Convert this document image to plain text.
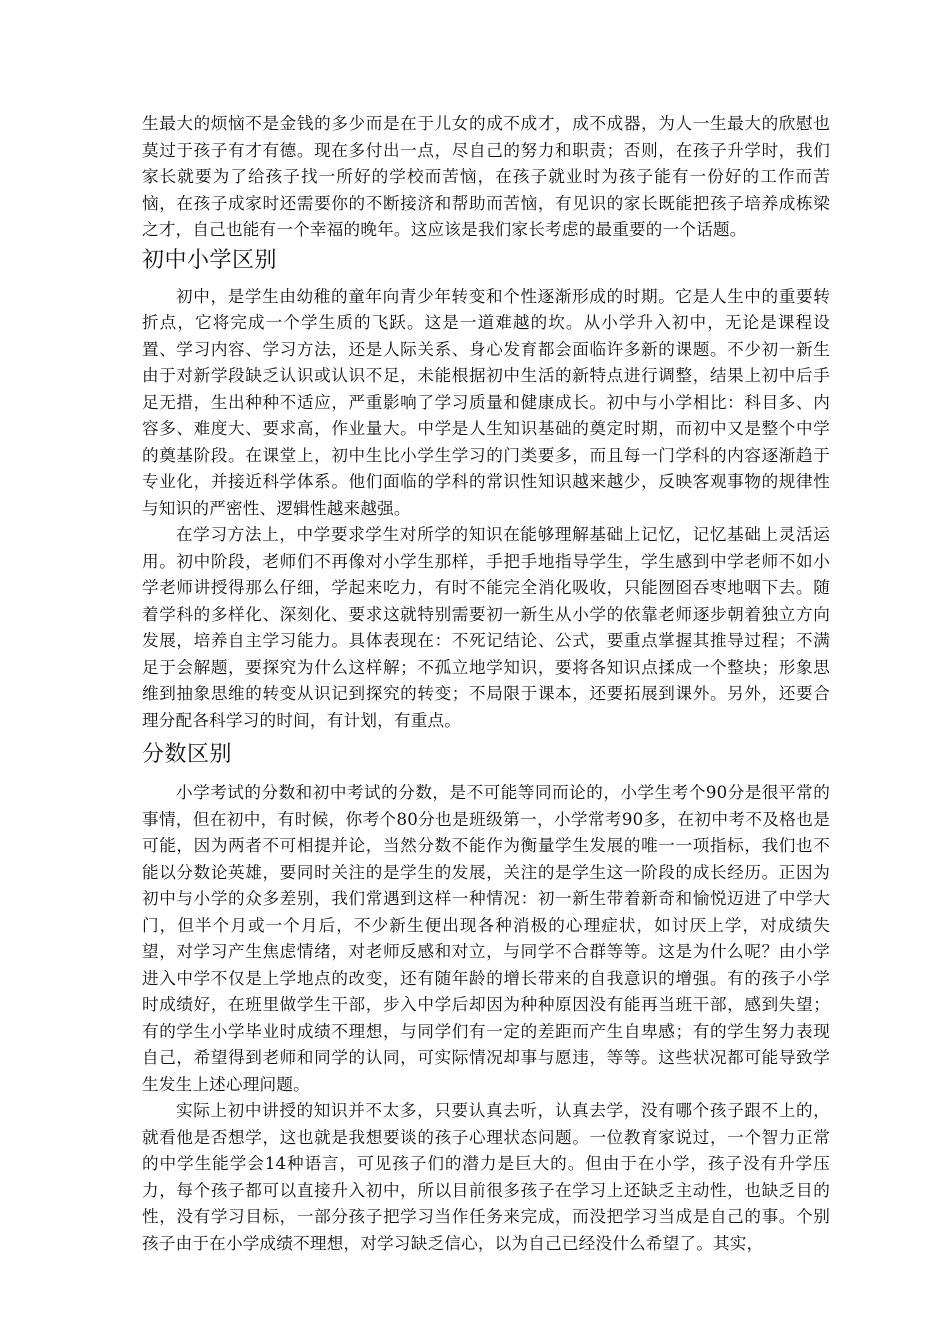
生最大的烦恼不是金钱的多少而是在于儿女的成不成才，成不成器，为人一生最大的欣慰也莫过于孩子有才有德。现在多付出一点，尽自己的努力和职责；否则，在孩子升学时，我们家长就要为了给孩子找一所好的学校而苦恼，在孩子就业时为孩子能有一份好的工作而苦恼，在孩子成家时还需要你的不断接济和帮助而苦恼，有见识的家长既能把孩子培养成栋梁之才，自己也能有一个幸福的晚年。这应该是我们家长考虑的最重要的一个话题。

初中小学区别

初中，是学生由幼稚的童年向青少年转变和个性逐渐形成的时期。它是人生中的重要转折点，它将完成一个学生质的飞跃。这是一道难越的坎。从小学升入初中，无论是课程设置、学习内容、学习方法，还是人际关系、身心发育都会面临许多新的课题。不少初一新生由于对新学段缺乏认识或认识不足，未能根据初中生活的新特点进行调整，结果上初中后手足无措，生出种种不适应，严重影响了学习质量和健康成长。初中与小学相比：科目多、内容多、难度大、要求高，作业量大。中学是人生知识基础的奠定时期，而初中又是整个中学的奠基阶段。在课堂上，初中生比小学生学习的门类要多，而且每一门学科的内容逐渐趋于专业化，并接近科学体系。他们面临的学科的常识性知识越来越少，反映客观事物的规律性与知识的严密性、逻辑性越来越强。

在学习方法上，中学要求学生对所学的知识在能够理解基础上记忆，记忆基础上灵活运用。初中阶段，老师们不再像对小学生那样，手把手地指导学生，学生感到中学老师不如小学老师讲授得那么仔细，学起来吃力，有时不能完全消化吸收，只能囫囵吞枣地咽下去。随着学科的多样化、深刻化、要求这就特别需要初一新生从小学的依靠老师逐步朝着独立方向发展，培养自主学习能力。具体表现在：不死记结论、公式，要重点掌握其推导过程；不满足于会解题，要探究为什么这样解；不孤立地学知识，要将各知识点揉成一个整块；形象思维到抽象思维的转变从识记到探究的转变；不局限于课本，还要拓展到课外。另外，还要合理分配各科学习的时间，有计划，有重点。

分数区别

小学考试的分数和初中考试的分数，是不可能等同而论的，小学生考个90分是很平常的事情，但在初中，有时候，你考个80分也是班级第一，小学常考90多，在初中考不及格也是可能，因为两者不可相提并论，当然分数不能作为衡量学生发展的唯一一项指标，我们也不能以分数论英雄，要同时关注的是学生的发展，关注的是学生这一阶段的成长经历。正因为初中与小学的众多差别，我们常遇到这样一种情况：初一新生带着新奇和愉悦迈进了中学大门，但半个月或一个月后，不少新生便出现各种消极的心理症状，如讨厌上学，对成绩失望，对学习产生焦虑情绪，对老师反感和对立，与同学不合群等等。这是为什么呢？由小学进入中学不仅是上学地点的改变，还有随年龄的增长带来的自我意识的增强。有的孩子小学时成绩好，在班里做学生干部，步入中学后却因为种种原因没有能再当班干部，感到失望；有的学生小学毕业时成绩不理想，与同学们有一定的差距而产生自卑感；有的学生努力表现自己，希望得到老师和同学的认同，可实际情况却事与愿违，等等。这些状况都可能导致学生发生上述心理问题。

实际上初中讲授的知识并不太多，只要认真去听，认真去学，没有哪个孩子跟不上的，就看他是否想学，这也就是我想要谈的孩子心理状态问题。一位教育家说过，一个智力正常的中学生能学会14种语言，可见孩子们的潜力是巨大的。但由于在小学，孩子没有升学压力，每个孩子都可以直接升入初中，所以目前很多孩子在学习上还缺乏主动性，也缺乏目的性，没有学习目标，一部分孩子把学习当作任务来完成，而没把学习当成是自己的事。个别孩子由于在小学成绩不理想，对学习缺乏信心，以为自己已经没什么希望了。其实，
